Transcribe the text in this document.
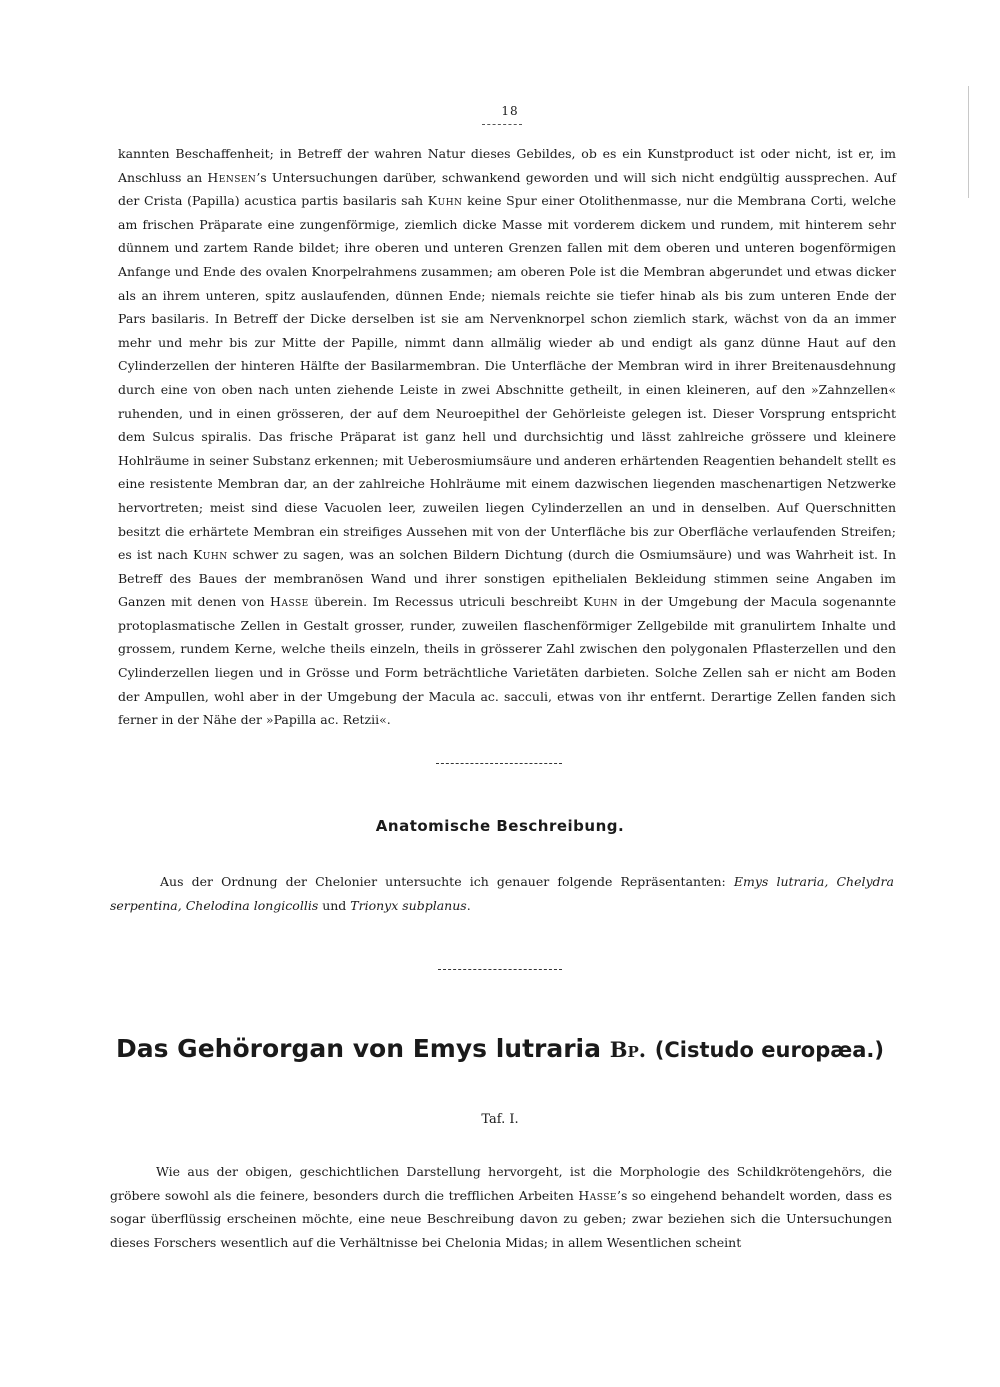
18

kannten Beschaffenheit; in Betreff der wahren Natur dieses Gebildes, ob es ein Kunstproduct ist oder nicht, ist er, im Anschluss an Hensen’s Untersuchungen darüber, schwankend geworden und will sich nicht endgültig aussprechen. Auf der Crista (Papilla) acustica partis basilaris sah Kuhn keine Spur einer Otolithenmasse, nur die Membrana Corti, welche am frischen Präparate eine zungenförmige, ziemlich dicke Masse mit vorderem dickem und rundem, mit hinterem sehr dünnem und zartem Rande bildet; ihre oberen und unteren Grenzen fallen mit dem oberen und unteren bogenförmigen Anfange und Ende des ovalen Knorpelrahmens zusammen; am oberen Pole ist die Membran abgerundet und etwas dicker als an ihrem unteren, spitz auslaufenden, dünnen Ende; niemals reichte sie tiefer hinab als bis zum unteren Ende der Pars basilaris. In Betreff der Dicke derselben ist sie am Nervenknorpel schon ziemlich stark, wächst von da an immer mehr und mehr bis zur Mitte der Papille, nimmt dann allmälig wieder ab und endigt als ganz dünne Haut auf den Cylinderzellen der hinteren Hälfte der Basilarmembran. Die Unterfläche der Membran wird in ihrer Breitenausdehnung durch eine von oben nach unten ziehende Leiste in zwei Abschnitte getheilt, in einen kleineren, auf den »Zahnzellen« ruhenden, und in einen grösseren, der auf dem Neuroepithel der Gehörleiste gelegen ist. Dieser Vorsprung entspricht dem Sulcus spiralis. Das frische Präparat ist ganz hell und durchsichtig und lässt zahlreiche grössere und kleinere Hohlräume in seiner Substanz erkennen; mit Ueberosmiumsäure und anderen erhärtenden Reagentien behandelt stellt es eine resistente Membran dar, an der zahlreiche Hohlräume mit einem dazwischen liegenden maschenartigen Netzwerke hervortreten; meist sind diese Vacuolen leer, zuweilen liegen Cylinderzellen an und in denselben. Auf Querschnitten besitzt die erhärtete Membran ein streifiges Aussehen mit von der Unterfläche bis zur Oberfläche verlaufenden Streifen; es ist nach Kuhn schwer zu sagen, was an solchen Bildern Dichtung (durch die Osmiumsäure) und was Wahrheit ist. In Betreff des Baues der membranösen Wand und ihrer sonstigen epithelialen Bekleidung stimmen seine Angaben im Ganzen mit denen von Hasse überein. Im Recessus utriculi beschreibt Kuhn in der Umgebung der Macula sogenannte protoplasmatische Zellen in Gestalt grosser, runder, zuweilen flaschenförmiger Zellgebilde mit granulirtem Inhalte und grossem, rundem Kerne, welche theils einzeln, theils in grösserer Zahl zwischen den polygonalen Pflasterzellen und den Cylinderzellen liegen und in Grösse und Form beträchtliche Varietäten darbieten. Solche Zellen sah er nicht am Boden der Ampullen, wohl aber in der Umgebung der Macula ac. sacculi, etwas von ihr entfernt. Derartige Zellen fanden sich ferner in der Nähe der »Papilla ac. Retzii«.

Anatomische Beschreibung.

Aus der Ordnung der Chelonier untersuchte ich genauer folgende Repräsentanten: Emys lutraria, Chelydra serpentina, Chelodina longicollis und Trionyx subplanus.

Das Gehörorgan von Emys lutraria Bp. (Cistudo europæa.)
Taf. I.

Wie aus der obigen, geschichtlichen Darstellung hervorgeht, ist die Morphologie des Schildkrötengehörs, die gröbere sowohl als die feinere, besonders durch die trefflichen Arbeiten Hasse’s so eingehend behandelt worden, dass es sogar überflüssig erscheinen möchte, eine neue Beschreibung davon zu geben; zwar beziehen sich die Untersuchungen dieses Forschers wesentlich auf die Verhältnisse bei Chelonia Midas; in allem Wesentlichen scheint
